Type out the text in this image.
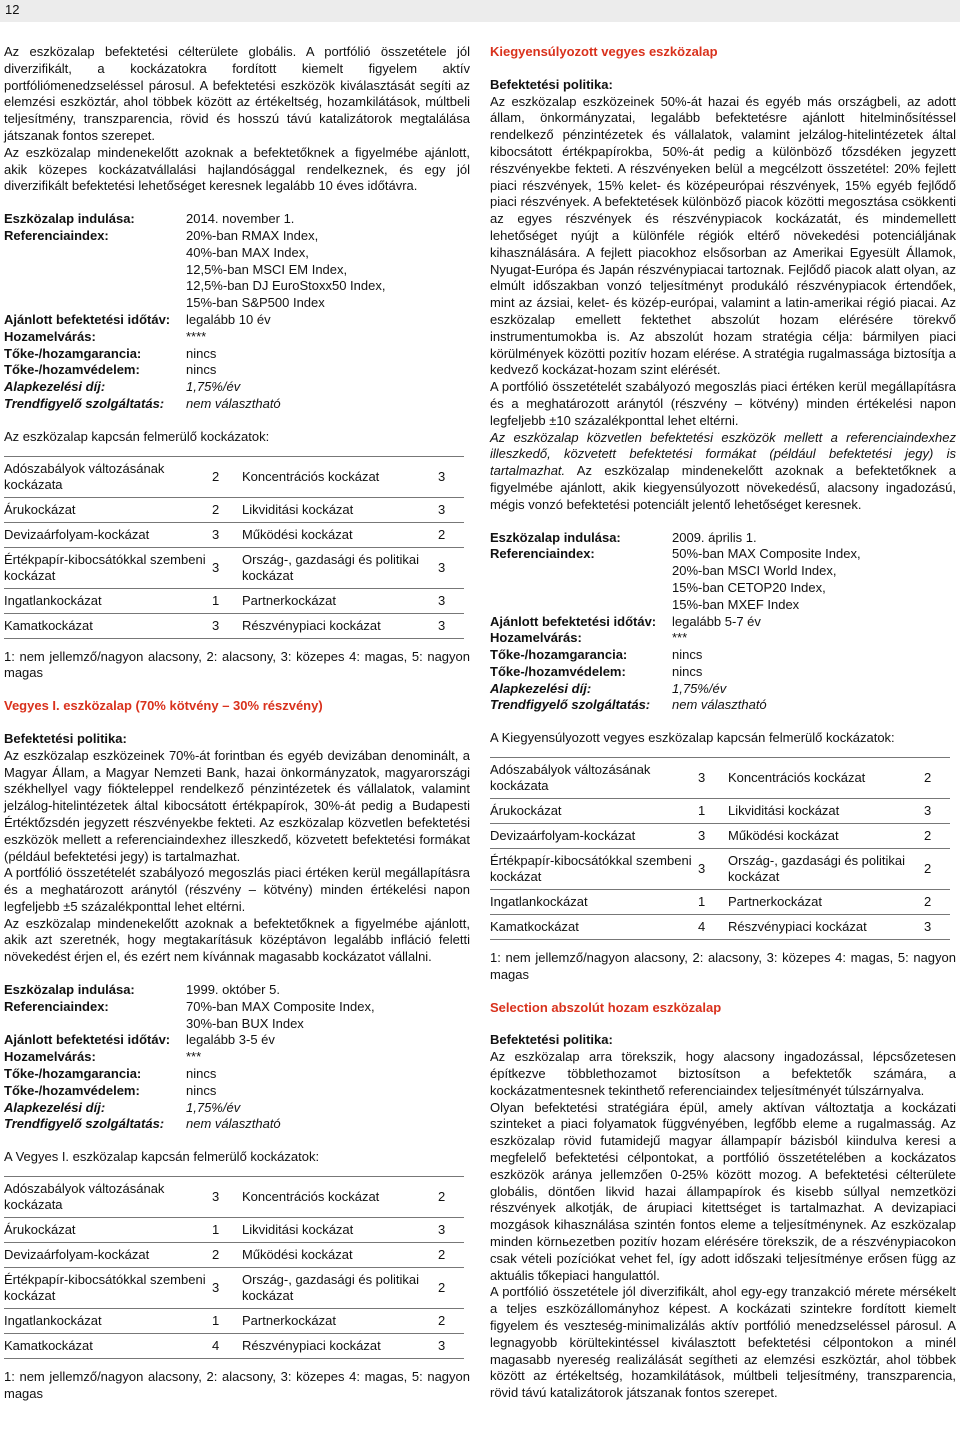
12

Az eszközalap befektetési célterülete globális. A portfólió összetétele jól diverzifikált, a kockázatokra fordított kiemelt figyelem aktív portfóliómenedzsеléssel párosul. A befektetési eszközök kiválasztását segíti az elemzési eszköztár, ahol többek között az értékeltség, hozamkilátások, múltbeli teljesítmény, transzparencia, rövid és hosszú távú katalizátorok megtalálása játszanak fontos szerepet.

Az eszközalap mindenekelőtt azoknak a befektetőknek a figyelmébe ajánlott, akik közepes kockázatvállalási hajlandósággal rendelkeznek, és egy jól diverzifikált befektetési lehetőséget keresnek legalább 10 éves időtávra.

Eszközalap indulása:	2014. november 1.
Referenciaindex:	20%-ban RMAX Index,
	40%-ban MAX Index,
	12,5%-ban MSCI EM Index,
	12,5%-ban DJ EuroStoxx50 Index,
	15%-ban S&P500 Index
Ajánlott befektetési időtáv:	legalább 10 év
Hozamelvárás:	****
Tőke-/hozamgarancia:	nincs
Tőke-/hozamvédelem:	nincs
Alapkezelési díj:	1,75%/év
Trendfigyelő szolgáltatás:	nem választható

Az eszközalap kapcsán felmerülő kockázatok:

Adószabályok változásának kockázata	2	Koncentrációs kockázat	3
Árukockázat	2	Likviditási kockázat	3
Devizaárfolyam-kockázat	3	Működési kockázat	2
Értékpapír-kibocsátókkal szembeni kockázat	3	Ország-, gazdasági és politikai kockázat	3
Ingatlankockázat	1	Partnerkockázat	3
Kamatkockázat	3	Részvénypiaci kockázat	3

1: nem jellemző/nagyon alacsony, 2: alacsony, 3: közepes 4: magas, 5: nagyon magas

Vegyes I. eszközalap (70% kötvény – 30% részvény)

Befektetési politika:

Az eszközalap eszközeinek 70%-át forintban és egyéb devizában denominált, a Magyar Állam, a Magyar Nemzeti Bank, hazai önkormányzatok, magyarországi székhellyel vagy fiókteleppel rendelkező pénzintézetek és vállalatok, valamint jelzálog-hitelintézetek által kibocsátott értékpapírok, 30%-át pedig a Budapesti Értéktőzsdén jegyzett részvényekbe fekteti. Az eszközalap közvetlen befektetési eszközök mellett a referenciaindexhez illeszkedő, közvetett befektetési formákat (például befektetési jegy) is tartalmazhat.

A portfólió összetételét szabályozó megoszlás piaci értéken kerül megállapításra és a meghatározott aránytól (részvény – kötvény) minden értékelési napon legfeljebb ±5 százalékponttal lehet eltérni.

Az eszközalap mindenekelőtt azoknak a befektetőknek a figyelmébe ajánlott, akik azt szeretnék, hogy megtakarításuk középtávon legalább infláció feletti növekedést érjen el, és ezért nem kívánnak magasabb kockázatot vállalni.

Eszközalap indulása:	1999. október 5.
Referenciaindex:	70%-ban MAX Composite Index,
	30%-ban BUX Index
Ajánlott befektetési időtáv:	legalább 3-5 év
Hozamelvárás:	***
Tőke-/hozamgarancia:	nincs
Tőke-/hozamvédelem:	nincs
Alapkezelési díj:	1,75%/év
Trendfigyelő szolgáltatás:	nem választható

A Vegyes I. eszközalap kapcsán felmerülő kockázatok:

Adószabályok változásának kockázata	3	Koncentrációs kockázat	2
Árukockázat	1	Likviditási kockázat	3
Devizaárfolyam-kockázat	2	Működési kockázat	2
Értékpapír-kibocsátókkal szembeni kockázat	3	Ország-, gazdasági és politikai kockázat	2
Ingatlankockázat	1	Partnerkockázat	2
Kamatkockázat	4	Részvénypiaci kockázat	3

1: nem jellemző/nagyon alacsony, 2: alacsony, 3: közepes 4: magas, 5: nagyon magas

Kiegyensúlyozott vegyes eszközalap

Befektetési politika:

Az eszközalap eszközeinek 50%-át hazai és egyéb más országbeli, az adott állam, önkormányzatai, legalább befektetésre ajánlott hitelminősítéssel rendelkező pénzintézetek és vállalatok, valamint jelzálog-hitelintézetek által kibocsátott értékpapírokba, 50%-át pedig a különböző tőzsdéken jegyzett részvényekbe fekteti. A részvényeken belül a megcélzott összetétel: 20% fejlett piaci részvények, 15% kelet- és középeurópai részvények, 15% egyéb fejlődő piaci részvények. A befektetések különböző piacok közötti megosztása csökkenti az egyes részvények és részvénypiacok kockázatát, és mindemellett lehetőséget nyújt a különféle régiók eltérő növekedési potenciáljának kihasználására. A fejlett piacokhoz elsősorban az Amerikai Egyesült Államok, Nyugat-Európa és Japán részvénypiacai tartoznak. Fejlődő piacok alatt olyan, az elmúlt időszakban vonzó teljesítményt produkáló részvénypiacok értendőek, mint az ázsiai, kelet- és közép-európai, valamint a latin-amerikai régió piacai. Az eszközalap emellett fektethet abszolút hozam elérésére törekvő instrumentumokba is. Az abszolút hozam stratégia célja: bármilyen piaci körülmények közötti pozitív hozam elérése. A stratégia rugalmassága biztosítja a kedvező kockázat-hozam szint elérését.

A portfólió összetételét szabályozó megoszlás piaci értéken kerül megállapításra és a meghatározott aránytól (részvény – kötvény) minden értékelési napon legfeljebb ±10 százalékponttal lehet eltérni.

Az eszközalap közvetlen befektetési eszközök mellett a referenciaindexhez illeszkedő, közvetett befektetési formákat (például befektetési jegy) is tartalmazhat. Az eszközalap mindenekelőtt azoknak a befektetőknek a figyelmébe ajánlott, akik kiegyensúlyozott növekedésű, alacsony ingadozású, mégis vonzó befektetési potenciált jelentő lehetőséget keresnek.

Eszközalap indulása:	2009. április 1.
Referenciaindex:	50%-ban MAX Composite Index,
	20%-ban MSCI World Index,
	15%-ban CETOP20 Index,
	15%-ban MXEF Index
Ajánlott befektetési időtáv:	legalább 5-7 év
Hozamelvárás:	***
Tőke-/hozamgarancia:	nincs
Tőke-/hozamvédelem:	nincs
Alapkezelési díj:	1,75%/év
Trendfigyelő szolgáltatás:	nem választható

A Kiegyensúlyozott vegyes eszközalap kapcsán felmerülő kockázatok:

Adószabályok változásának kockázata	3	Koncentrációs kockázat	2
Árukockázat	1	Likviditási kockázat	3
Devizaárfolyam-kockázat	3	Működési kockázat	2
Értékpapír-kibocsátókkal szembeni kockázat	3	Ország-, gazdasági és politikai kockázat	2
Ingatlankockázat	1	Partnerkockázat	2
Kamatkockázat	4	Részvénypiaci kockázat	3

1: nem jellemző/nagyon alacsony, 2: alacsony, 3: közepes 4: magas, 5: nagyon magas

Selection abszolút hozam eszközalap

Befektetési politika:

Az eszközalap arra törekszik, hogy alacsony ingadozással, lépcsőzetesen építkezve többlethozamot biztosítson a befektetők számára, a kockázatmentesnek tekinthető referenciaindex teljesítményét túlszárnyalva.

Olyan befektetési stratégiára épül, amely aktívan változtatja a kockázati szinteket a piaci folyamatok függvényében, legfőbb eleme a rugalmasság. Az eszközalap rövid futamidejű magyar állampapír bázisból kiindulva keresi a megfelelő befektetési célpontokat, a portfólió összetételében a kockázatos eszközök aránya jellemzően 0-25% között mozog. A befektetési célterülete globális, döntően likvid hazai állampapírok és kisebb súllyal nemzetközi részvények alkotják, de árupiaci kitettséget is tartalmazhat. A devizapiaci mozgások kihasználása szintén fontos eleme a teljesítménynek. Az eszközalap minden körnьezetben pozitív hozam elérésére törekszik, de a részvénypiacokon csak vételi pozíciókat vehet fel, így adott időszaki teljesítménye erősen függ az aktuális tőkepiaci hangulattól.

A portfólió összetétele jól diverzifikált, ahol egy-egy tranzakció mérete mérsékelt a teljes eszközállományhoz képest. A kockázati szintekre fordított kiemelt figyelem és veszteség-minimalizálás aktív portfólió menedzseléssel párosul. A legnagyobb körültekintéssel kiválasztott befektetési célpontokon a minél magasabb nyereség realizálását segítheti az elemzési eszköztár, ahol többek között az értékeltség, hozamkilátások, múltbeli teljesítmény, transzparencia, rövid távú katalizátorok játszanak fontos szerepet.
